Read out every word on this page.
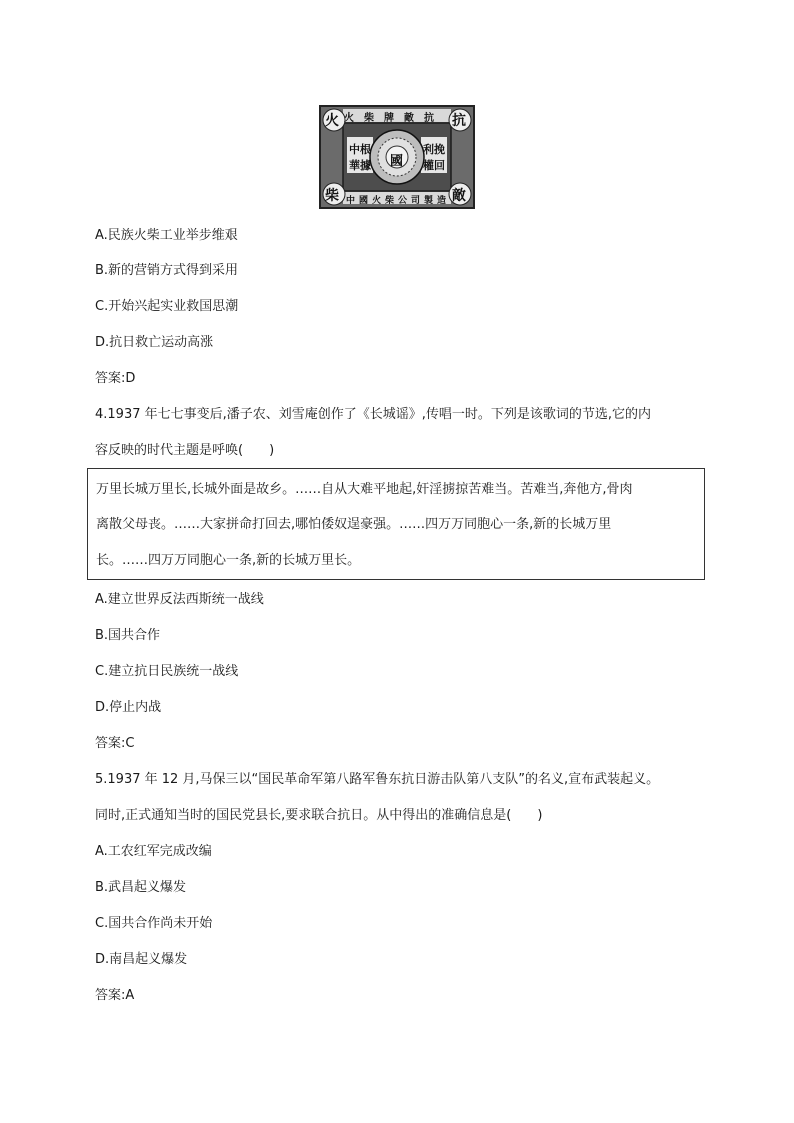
火柴牌敵抗
火	抗
柴	敵
中根
華據
利挽
權回
國
中國火柴公司製造
A.民族火柴工业举步维艰
B.新的营销方式得到采用
C.开始兴起实业救国思潮
D.抗日救亡运动高涨
答案:D
4.1937 年七七事变后,潘子农、刘雪庵创作了《长城谣》,传唱一时。下列是该歌词的节选,它的内
容反映的时代主题是呼唤(　　)
万里长城万里长,长城外面是故乡。……自从大难平地起,奸淫掳掠苦难当。苦难当,奔他方,骨肉
离散父母丧。……大家拼命打回去,哪怕倭奴逞豪强。……四万万同胞心一条,新的长城万里
长。……四万万同胞心一条,新的长城万里长。
A.建立世界反法西斯统一战线
B.国共合作
C.建立抗日民族统一战线
D.停止内战
答案:C
5.1937 年 12 月,马保三以“国民革命军第八路军鲁东抗日游击队第八支队”的名义,宣布武装起义。
同时,正式通知当时的国民党县长,要求联合抗日。从中得出的准确信息是(　　)
A.工农红军完成改编
B.武昌起义爆发
C.国共合作尚未开始
D.南昌起义爆发
答案:A
